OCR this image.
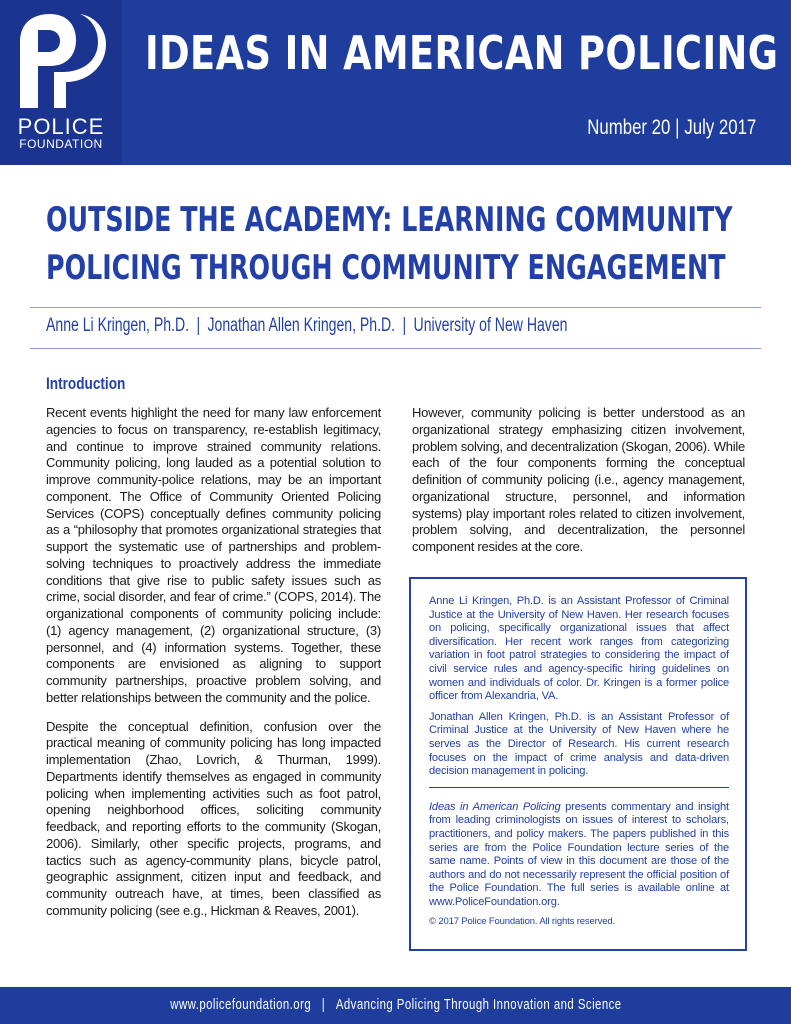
POLICE
FOUNDATION
IDEAS IN AMERICAN POLICING
Number 20 | July 2017
OUTSIDE THE ACADEMY: LEARNING COMMUNITY
POLICING THROUGH COMMUNITY ENGAGEMENT
Anne Li Kringen, Ph.D. | Jonathan Allen Kringen, Ph.D. | University of New Haven
Introduction

Recent events highlight the need for many law enforcement agencies to focus on transparency, re-establish legitimacy, and continue to improve strained community relations. Community policing, long lauded as a potential solution to improve community-police relations, may be an important component. The Office of Community Oriented Policing Services (COPS) conceptually defines community policing as a “philosophy that promotes organizational strategies that support the systematic use of partnerships and problem-solving techniques to proactively address the immediate conditions that give rise to public safety issues such as crime, social disorder, and fear of crime.” (COPS, 2014). The organizational components of community policing include: (1) agency management, (2) organizational structure, (3) personnel, and (4) information systems. Together, these components are envisioned as aligning to support community partnerships, proactive problem solving, and better relationships between the community and the police.

Despite the conceptual definition, confusion over the practical meaning of community policing has long impacted implementation (Zhao, Lovrich, & Thurman, 1999). Departments identify themselves as engaged in community policing when implementing activities such as foot patrol, opening neighborhood offices, soliciting community feedback, and reporting efforts to the community (Skogan, 2006). Similarly, other specific projects, programs, and tactics such as agency-community plans, bicycle patrol, geographic assignment, citizen input and feedback, and community outreach have, at times, been classified as community policing (see e.g., Hickman & Reaves, 2001).

However, community policing is better understood as an organizational strategy emphasizing citizen involvement, problem solving, and decentralization (Skogan, 2006). While each of the four components forming the conceptual definition of community policing (i.e., agency management, organizational structure, personnel, and information systems) play important roles related to citizen involvement, problem solving, and decentralization, the personnel component resides at the core.

Anne Li Kringen, Ph.D. is an Assistant Professor of Criminal Justice at the University of New Haven. Her research focuses on policing, specifically organizational issues that affect diversification. Her recent work ranges from categorizing variation in foot patrol strategies to considering the impact of civil service rules and agency-specific hiring guidelines on women and individuals of color. Dr. Kringen is a former police officer from Alexandria, VA.

Jonathan Allen Kringen, Ph.D. is an Assistant Professor of Criminal Justice at the University of New Haven where he serves as the Director of Research. His current research focuses on the impact of crime analysis and data-driven decision management in policing.

Ideas in American Policing presents commentary and insight from leading criminologists on issues of interest to scholars, practitioners, and policy makers. The papers published in this series are from the Police Foundation lecture series of the same name. Points of view in this document are those of the authors and do not necessarily represent the official position of the Police Foundation. The full series is available online at www.PoliceFoundation.org.

© 2017 Police Foundation. All rights reserved.

www.policefoundation.org | Advancing Policing Through Innovation and Science
